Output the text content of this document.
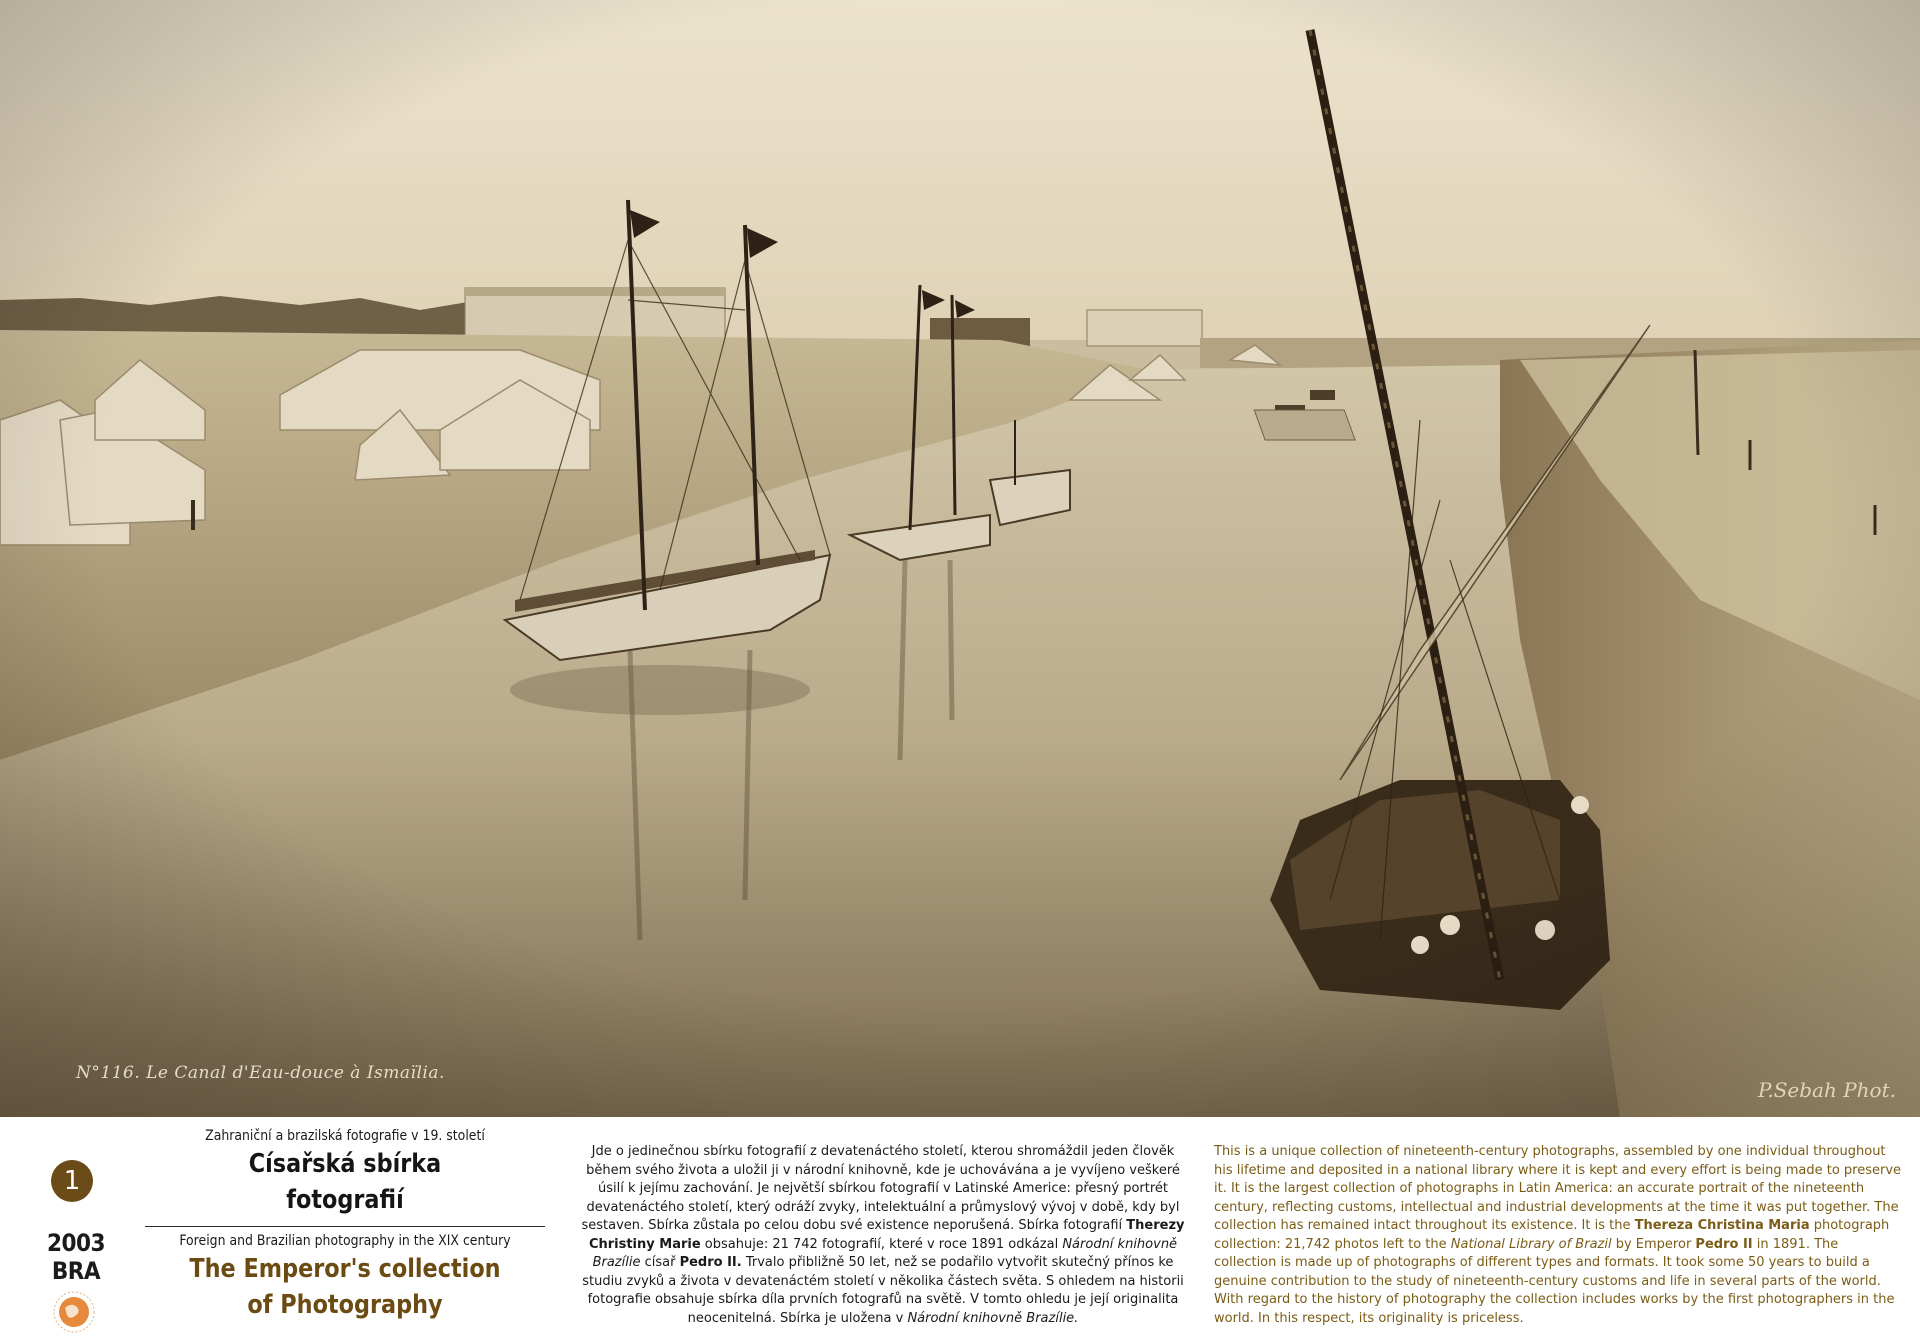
N°116. Le Canal d'Eau-douce à Ismaïlia.
P.Sebah Phot.
1
2003 BRA
Zahraniční a brazilská fotografie v 19. století
Císařská sbírka
fotografií
Foreign and Brazilian photography in the XIX century
The Emperor's collection
of Photography
Jde o jedinečnou sbírku fotografií z devatenáctého století, kterou shromáždil jeden člověk během svého života a uložil ji v národní knihovně, kde je uchovávána a je vyvíjeno veškeré úsilí k jejímu zachování. Je největší sbírkou fotografií v Latinské Americe: přesný portrét devatenáctého století, který odráží zvyky, intelektuální a průmyslový vývoj v době, kdy byl sestaven. Sbírka zůstala po celou dobu své existence neporušená. Sbírka fotografií Therezy Christiny Marie obsahuje: 21 742 fotografií, které v roce 1891 odkázal Národní knihovně Brazílie císař Pedro II. Trvalo přibližně 50 let, než se podařilo vytvořit skutečný přínos ke studiu zvyků a života v devatenáctém století v několika částech světa. S ohledem na historii fotografie obsahuje sbírka díla prvních fotografů na světě. V tomto ohledu je její originalita neocenitelná. Sbírka je uložena v Národní knihovně Brazílie.
This is a unique collection of nineteenth-century photographs, assembled by one individual throughout his lifetime and deposited in a national library where it is kept and every effort is being made to preserve it. It is the largest collection of photographs in Latin America: an accurate portrait of the nineteenth century, reflecting customs, intellectual and industrial developments at the time it was put together. The collection has remained intact throughout its existence. It is the Thereza Christina Maria photograph collection: 21,742 photos left to the National Library of Brazil by Emperor Pedro II in 1891. The collection is made up of photographs of different types and formats. It took some 50 years to build a genuine contribution to the study of nineteenth-century customs and life in several parts of the world. With regard to the history of photography the collection includes works by the first photographers in the world. In this respect, its originality is priceless.
